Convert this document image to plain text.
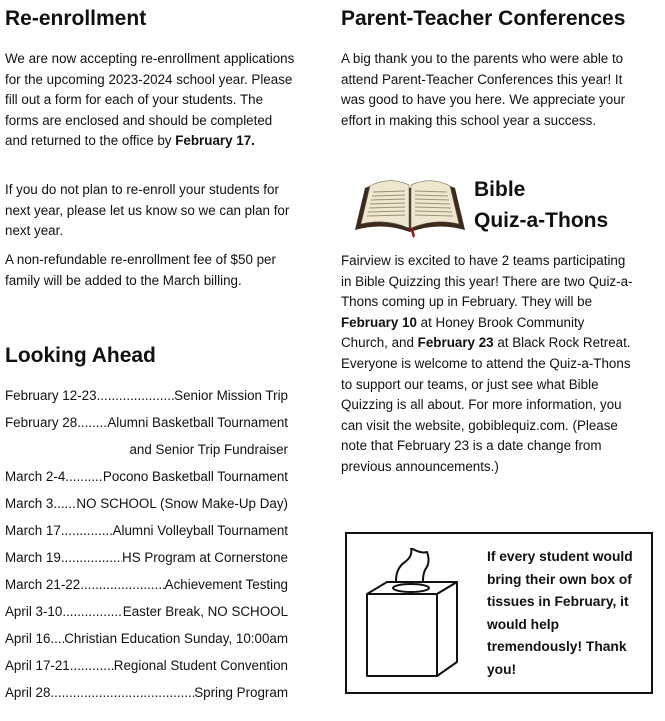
Re-enrollment

We are now accepting re-enrollment applications for the upcoming 2023-2024 school year. Please fill out a form for each of your students. The forms are enclosed and should be completed and returned to the office by February 17.

If you do not plan to re-enroll your students for next year, please let us know so we can plan for next year.

A non-refundable re-enrollment fee of $50 per family will be added to the March billing.

Looking Ahead
February 12-23 .....	Senior Mission Trip
February 28 ..... Alumni Basketball Tournament
and Senior Trip Fundraiser
March 2-4 .....	Pocono Basketball Tournament
March 3 ..... NO SCHOOL (Snow Make-Up Day)
March 17 .....	Alumni Volleyball Tournament
March 19 .....	HS Program at Cornerstone
March 21-22 .....	Achievement Testing
April 3-10 .....	Easter Break, NO SCHOOL
April 16 ..... Christian Education Sunday, 10:00am
April 17-21 .....	Regional Student Convention
April 28 .....	Spring Program
Parent-Teacher Conferences

A big thank you to the parents who were able to attend Parent-Teacher Conferences this year! It was good to have you here. We appreciate your effort in making this school year a success.

Bible
Quiz-a-Thons

Fairview is excited to have 2 teams participating in Bible Quizzing this year! There are two Quiz-a-Thons coming up in February. They will be February 10 at Honey Brook Community Church, and February 23 at Black Rock Retreat. Everyone is welcome to attend the Quiz-a-Thons to support our teams, or just see what Bible Quizzing is all about. For more information, you can visit the website, gobiblequiz.com. (Please note that February 23 is a date change from previous announcements.)

If every student would bring their own box of tissues in February, it would help tremendously! Thank you!
